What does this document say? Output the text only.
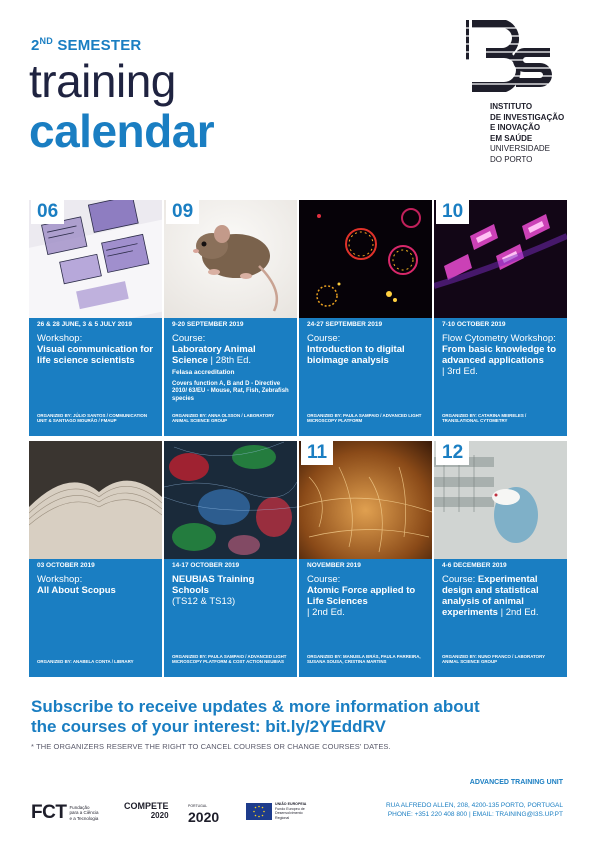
2ND SEMESTER
training
calendar	INSTITUTO
DE INVESTIGAÇÃO
E INOVAÇÃO
EM SAÚDE
UNIVERSIDADE
DO PORTO
06
26 & 28 JUNE, 3 & 5 JULY 2019
Workshop:
Visual communication for life science scientists
ORGANIZED BY: JÚLIO SANTOS / COMMUNICATION UNIT & SANTIAGO MOURÃO / FMAUP
09
9-20 SEPTEMBER 2019
Course:
Laboratory Animal Science | 28th Ed.
Felasa accreditation
Covers function A, B and D - Directive 2010/ 63/EU - Mouse, Rat, Fish, Zebrafish species
ORGANIZED BY: ANNA OLSSON / LABORATORY ANIMAL SCIENCE GROUP
24-27 SEPTEMBER 2019
Course:
Introduction to digital bioimage analysis
ORGANIZED BY: PAULA SAMPAIO / ADVANCED LIGHT MICROSCOPY PLATFORM
10
7-10 OCTOBER 2019
Flow Cytometry Workshop: From basic knowledge to advanced applications
| 3rd Ed.
ORGANIZED BY: CATARINA MEIRELES / TRANSLATIONAL CYTOMETRY
03 OCTOBER 2019
Workshop:
All About Scopus
ORGANIZED BY: ANABELA CONTA / LIBRARY
14-17 OCTOBER 2019
NEUBIAS Training Schools
(TS12 & TS13)
ORGANIZED BY: PAULA SAMPAIO / ADVANCED LIGHT MICROSCOPY PLATFORM & COST ACTION NEUBIAS
11
NOVEMBER 2019
Course:
Atomic Force applied to Life Sciences
| 2nd Ed.
ORGANIZED BY: MANUELA BRÁS, PAULA PARREIRA, SUSANA SOUSA, CRISTINA MARTINS
12
4-6 DECEMBER 2019
Course: Experimental design and statistical analysis of animal experiments | 2nd Ed.
ORGANIZED BY: NUNO FRANCO / LABORATORY ANIMAL SCIENCE GROUP
Subscribe to receive updates & more information about
the courses of your interest: bit.ly/2YEddRV
* THE ORGANIZERS RESERVE THE RIGHT TO CANCEL COURSES OR CHANGE COURSES' DATES.
FCT Fundação
para a Ciência
e a Tecnologia
COMPETE
2020
PORTUGAL
2020
UNIÃO EUROPEIA
Fundo Europeu de Desenvolvimento Regional
ADVANCED TRAINING UNIT
RUA ALFREDO ALLEN, 208, 4200-135 PORTO, PORTUGAL
PHONE: +351 220 408 800 | EMAIL: TRAINING@I3S.UP.PT
